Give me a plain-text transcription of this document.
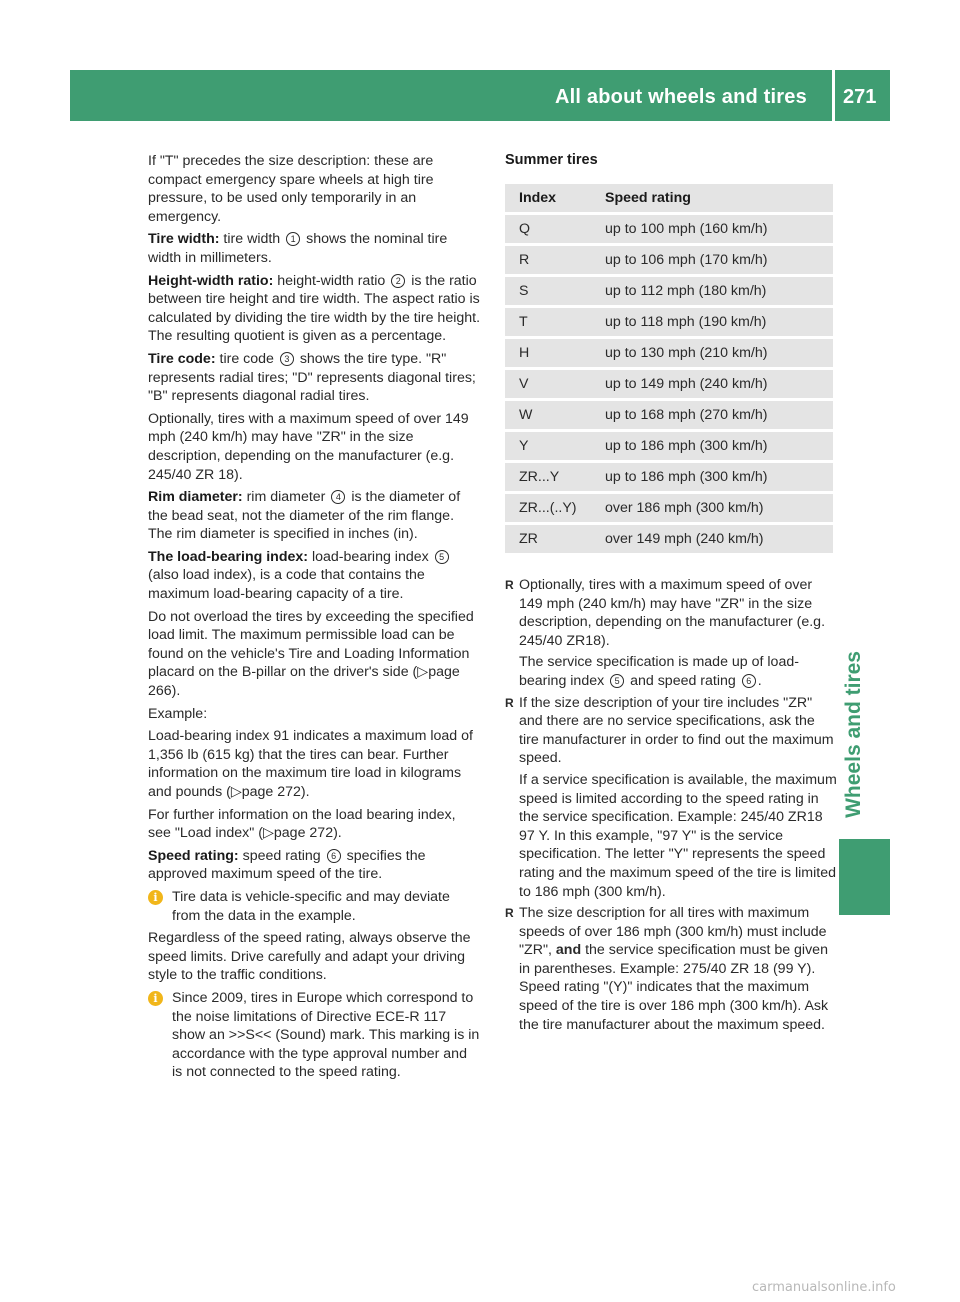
All about wheels and tires 271
Wheels and tires

If "T" precedes the size description: these are compact emergency spare wheels at high tire pressure, to be used only temporarily in an emergency.

Tire width: tire width 1 shows the nominal tire width in millimeters.

Height-width ratio: height-width ratio 2 is the ratio between tire height and tire width. The aspect ratio is calculated by dividing the tire width by the tire height. The resulting quotient is given as a percentage.

Tire code: tire code 3 shows the tire type. "R" represents radial tires; "D" represents diagonal tires; "B" represents diagonal radial tires.

Optionally, tires with a maximum speed of over 149 mph (240 km/h) may have "ZR" in the size description, depending on the manufacturer (e.g. 245/40 ZR 18).

Rim diameter: rim diameter 4 is the diameter of the bead seat, not the diameter of the rim flange. The rim diameter is specified in inches (in).

The load-bearing index: load-bearing index 5 (also load index), is a code that contains the maximum load-bearing capacity of a tire.

Do not overload the tires by exceeding the specified load limit. The maximum permissible load can be found on the vehicle's Tire and Loading Information placard on the B-pillar on the driver's side (▷page 266).

Example:

Load-bearing index 91 indicates a maximum load of 1,356 lb (615 kg) that the tires can bear. Further information on the maximum tire load in kilograms and pounds (▷page 272).

For further information on the load bearing index, see "Load index" (▷page 272).

Speed rating: speed rating 6 specifies the approved maximum speed of the tire.

i	Tire data is vehicle-specific and may deviate from the data in the example.

Regardless of the speed rating, always observe the speed limits. Drive carefully and adapt your driving style to the traffic conditions.

i	Since 2009, tires in Europe which correspond to the noise limitations of Directive ECE-R 117 show an >>S<< (Sound) mark. This marking is in accordance with the type approval number and is not connected to the speed rating.
Summer tires
Index	Speed rating
Q	up to 100 mph (160 km/h)
R	up to 106 mph (170 km/h)
S	up to 112 mph (180 km/h)
T	up to 118 mph (190 km/h)
H	up to 130 mph (210 km/h)
V	up to 149 mph (240 km/h)
W	up to 168 mph (270 km/h)
Y	up to 186 mph (300 km/h)
ZR...Y	up to 186 mph (300 km/h)
ZR...(..Y)	over 186 mph (300 km/h)
ZR	over 149 mph (240 km/h)
R Optionally, tires with a maximum speed of over 149 mph (240 km/h) may have "ZR" in the size description, depending on the manufacturer (e.g. 245/40 ZR18).

The service specification is made up of load-bearing index 5 and speed rating 6 .

R If the size description of your tire includes "ZR" and there are no service specifications, ask the tire manufacturer in order to find out the maximum speed.

If a service specification is available, the maximum speed is limited according to the speed rating in the service specification. Example: 245/40 ZR18 97 Y. In this example, "97 Y" is the service specification. The letter "Y" represents the speed rating and the maximum speed of the tire is limited to 186 mph (300 km/h).

R The size description for all tires with maximum speeds of over 186 mph (300 km/h) must include "ZR", and the service specification must be given in parentheses. Example: 275/40 ZR 18 (99 Y). Speed rating "(Y)" indicates that the maximum speed of the tire is over 186 mph (300 km/h). Ask the tire manufacturer about the maximum speed.

carmanualsonline.info
